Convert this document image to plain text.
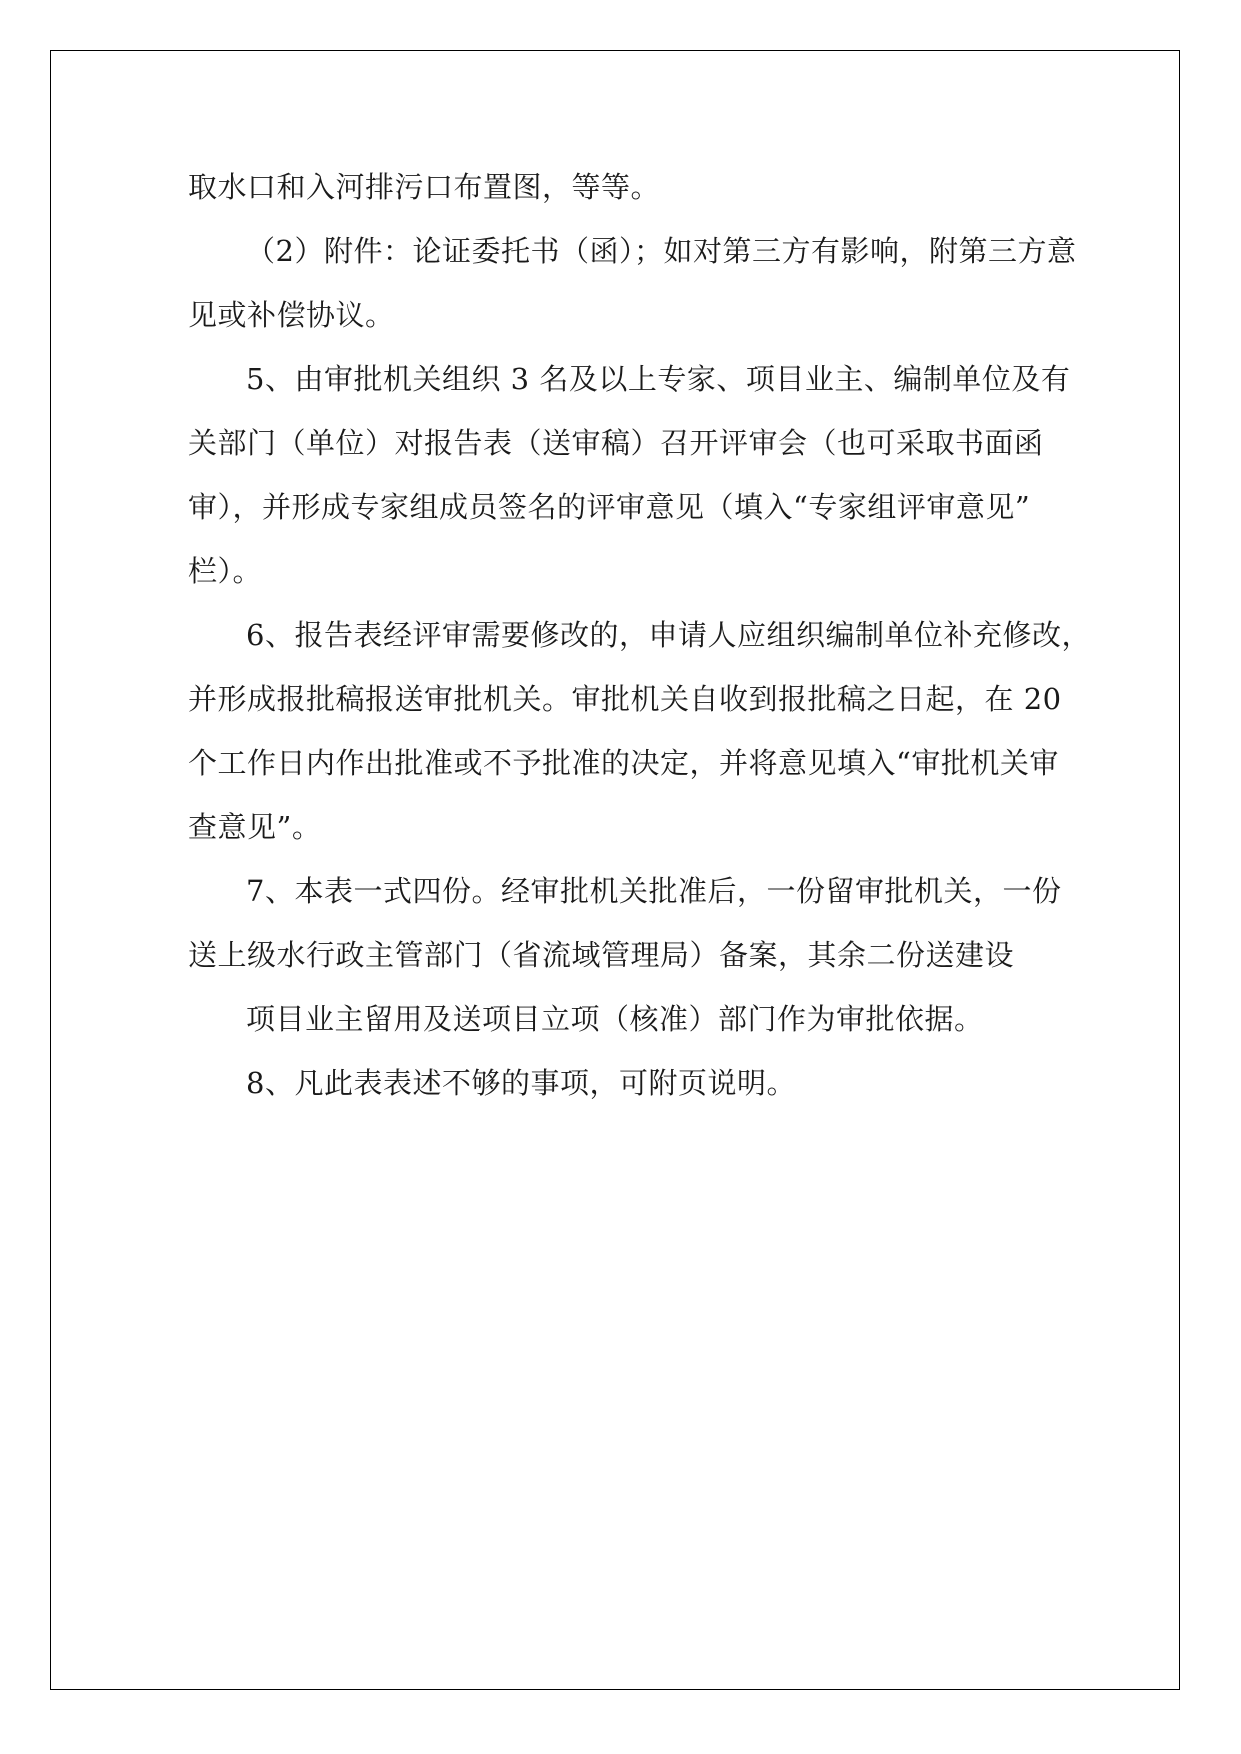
取水口和入河排污口布置图，等等。
（2）附件：论证委托书（函）；如对第三方有影响，附第三方意
见或补偿协议。
5、由审批机关组织 3 名及以上专家、项目业主、编制单位及有
关部门（单位）对报告表（送审稿）召开评审会（也可采取书面函
审），并形成专家组成员签名的评审意见（填入“专家组评审意见”
栏）。
6、报告表经评审需要修改的，申请人应组织编制单位补充修改，
并形成报批稿报送审批机关。审批机关自收到报批稿之日起，在 20
个工作日内作出批准或不予批准的决定，并将意见填入“审批机关审
查意见”。
7、本表一式四份。经审批机关批准后，一份留审批机关，一份
送上级水行政主管部门（省流域管理局）备案，其余二份送建设
项目业主留用及送项目立项（核准）部门作为审批依据。
8、凡此表表述不够的事项，可附页说明。
